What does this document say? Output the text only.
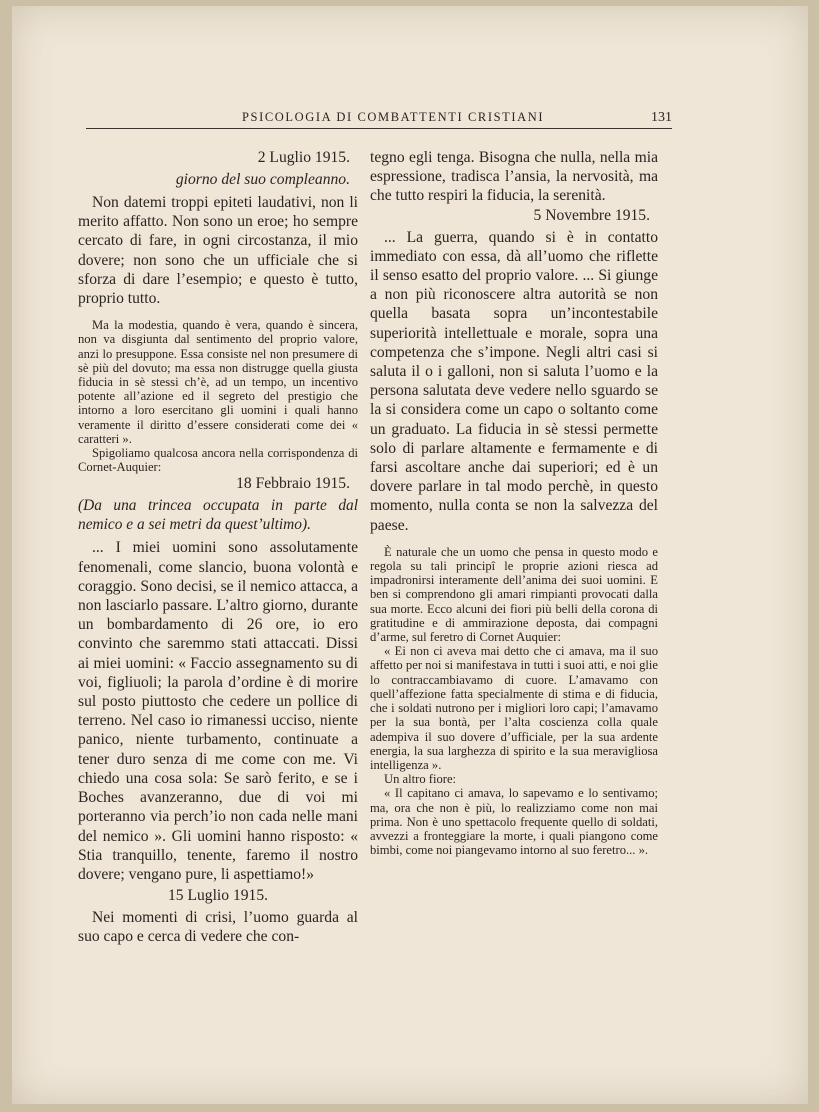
PSICOLOGIA DI COMBATTENTI CRISTIANI	131

2 Luglio 1915.

giorno del suo compleanno.

Non datemi troppi epiteti laudativi, non li merito affatto. Non sono un eroe; ho sempre cercato di fare, in ogni circostanza, il mio dovere; non sono che un ufficiale che si sforza di dare l’esempio; e questo è tutto, proprio tutto.

Ma la modestia, quando è vera, quando è sincera, non va disgiunta dal sentimento del proprio valore, anzi lo presuppone. Essa consiste nel non presumere di sè più del dovuto; ma essa non distrugge quella giusta fiducia in sè stessi ch’è, ad un tempo, un incentivo potente all’azione ed il segreto del prestigio che intorno a loro esercitano gli uomini i quali hanno veramente il diritto d’essere considerati come dei « caratteri ».

Spigoliamo qualcosa ancora nella corrispondenza di Cornet-Auquier:

18 Febbraio 1915.

(Da una trincea occupata in parte dal nemico e a sei metri da quest’ultimo).

... I miei uomini sono assolutamente fenomenali, come slancio, buona volontà e coraggio. Sono decisi, se il nemico attacca, a non lasciarlo passare. L’altro giorno, durante un bombardamento di 26 ore, io ero convinto che saremmo stati attaccati. Dissi ai miei uomini: « Faccio assegnamento su di voi, figliuoli; la parola d’ordine è di morire sul posto piuttosto che cedere un pollice di terreno. Nel caso io rimanessi ucciso, niente panico, niente turbamento, continuate a tener duro senza di me come con me. Vi chiedo una cosa sola: Se sarò ferito, e se i Boches avanzeranno, due di voi mi porteranno via perch’io non cada nelle mani del nemico ». Gli uomini hanno risposto: « Stia tranquillo, tenente, faremo il nostro dovere; vengano pure, li aspettiamo!»

15 Luglio 1915.

Nei momenti di crisi, l’uomo guarda al suo capo e cerca di vedere che con-

tegno egli tenga. Bisogna che nulla, nella mia espressione, tradisca l’ansia, la nervosità, ma che tutto respiri la fiducia, la serenità.

5 Novembre 1915.

... La guerra, quando si è in contatto immediato con essa, dà all’uomo che riflette il senso esatto del proprio valore. ... Si giunge a non più riconoscere altra autorità se non quella basata sopra un’incontestabile superiorità intellettuale e morale, sopra una competenza che s’impone. Negli altri casi si saluta il o i galloni, non si saluta l’uomo e la persona salutata deve vedere nello sguardo se la si considera come un capo o soltanto come un graduato. La fiducia in sè stessi permette solo di parlare altamente e fermamente e di farsi ascoltare anche dai superiori; ed è un dovere parlare in tal modo perchè, in questo momento, nulla conta se non la salvezza del paese.

È naturale che un uomo che pensa in questo modo e regola su tali principî le proprie azioni riesca ad impadronirsi interamente dell’anima dei suoi uomini. E ben si comprendono gli amari rimpianti provocati dalla sua morte. Ecco alcuni dei fiori più belli della corona di gratitudine e di ammirazione deposta, dai compagni d’arme, sul feretro di Cornet Auquier:

« Ei non ci aveva mai detto che ci amava, ma il suo affetto per noi si manifestava in tutti i suoi atti, e noi glie lo contraccambiavamo di cuore. L’amavamo con quell’affezione fatta specialmente di stima e di fiducia, che i soldati nutrono per i migliori loro capi; l’amavamo per la sua bontà, per l’alta coscienza colla quale adempiva il suo dovere d’ufficiale, per la sua ardente energia, la sua larghezza di spirito e la sua meravigliosa intelligenza ».

Un altro fiore:

« Il capitano ci amava, lo sapevamo e lo sentivamo; ma, ora che non è più, lo realizziamo come non mai prima. Non è uno spettacolo frequente quello di soldati, avvezzi a fronteggiare la morte, i quali piangono come bimbi, come noi piangevamo intorno al suo feretro... ».
